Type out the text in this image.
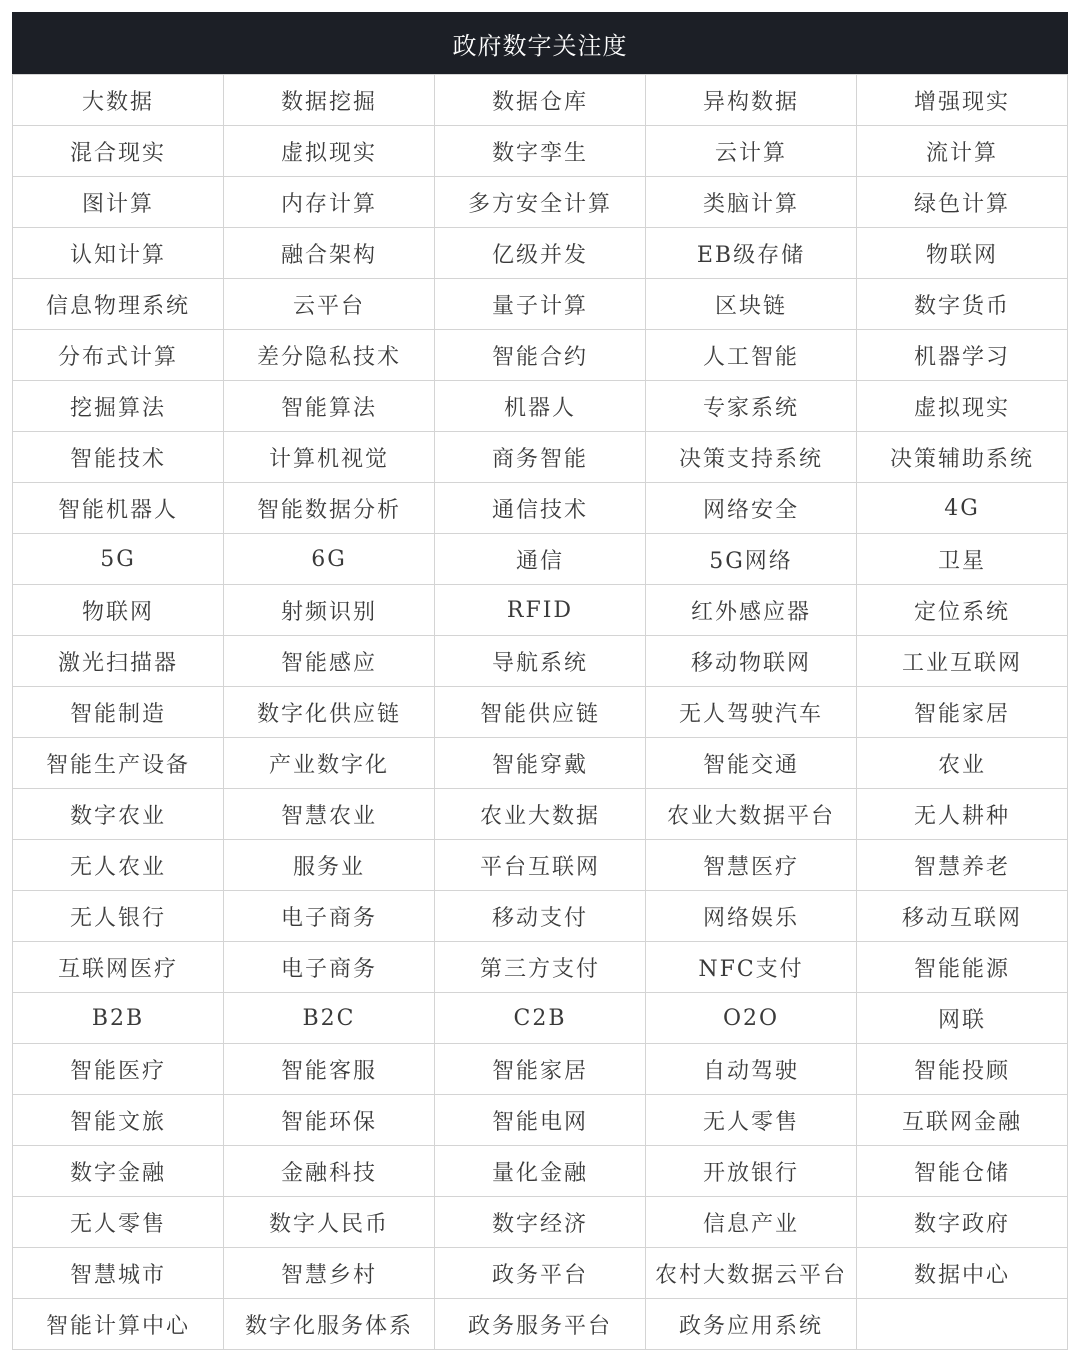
政府数字关注度
大数据	数据挖掘	数据仓库	异构数据	增强现实
混合现实	虚拟现实	数字孪生	云计算	流计算
图计算	内存计算	多方安全计算	类脑计算	绿色计算
认知计算	融合架构	亿级并发	EB级存储	物联网
信息物理系统	云平台	量子计算	区块链	数字货币
分布式计算	差分隐私技术	智能合约	人工智能	机器学习
挖掘算法	智能算法	机器人	专家系统	虚拟现实
智能技术	计算机视觉	商务智能	决策支持系统	决策辅助系统
智能机器人	智能数据分析	通信技术	网络安全	4G
5G	6G	通信	5G网络	卫星
物联网	射频识别	RFID	红外感应器	定位系统
激光扫描器	智能感应	导航系统	移动物联网	工业互联网
智能制造	数字化供应链	智能供应链	无人驾驶汽车	智能家居
智能生产设备	产业数字化	智能穿戴	智能交通	农业
数字农业	智慧农业	农业大数据	农业大数据平台	无人耕种
无人农业	服务业	平台互联网	智慧医疗	智慧养老
无人银行	电子商务	移动支付	网络娱乐	移动互联网
互联网医疗	电子商务	第三方支付	NFC支付	智能能源
B2B	B2C	C2B	O2O	网联
智能医疗	智能客服	智能家居	自动驾驶	智能投顾
智能文旅	智能环保	智能电网	无人零售	互联网金融
数字金融	金融科技	量化金融	开放银行	智能仓储
无人零售	数字人民币	数字经济	信息产业	数字政府
智慧城市	智慧乡村	政务平台	农村大数据云平台	数据中心
智能计算中心	数字化服务体系	政务服务平台	政务应用系统	
